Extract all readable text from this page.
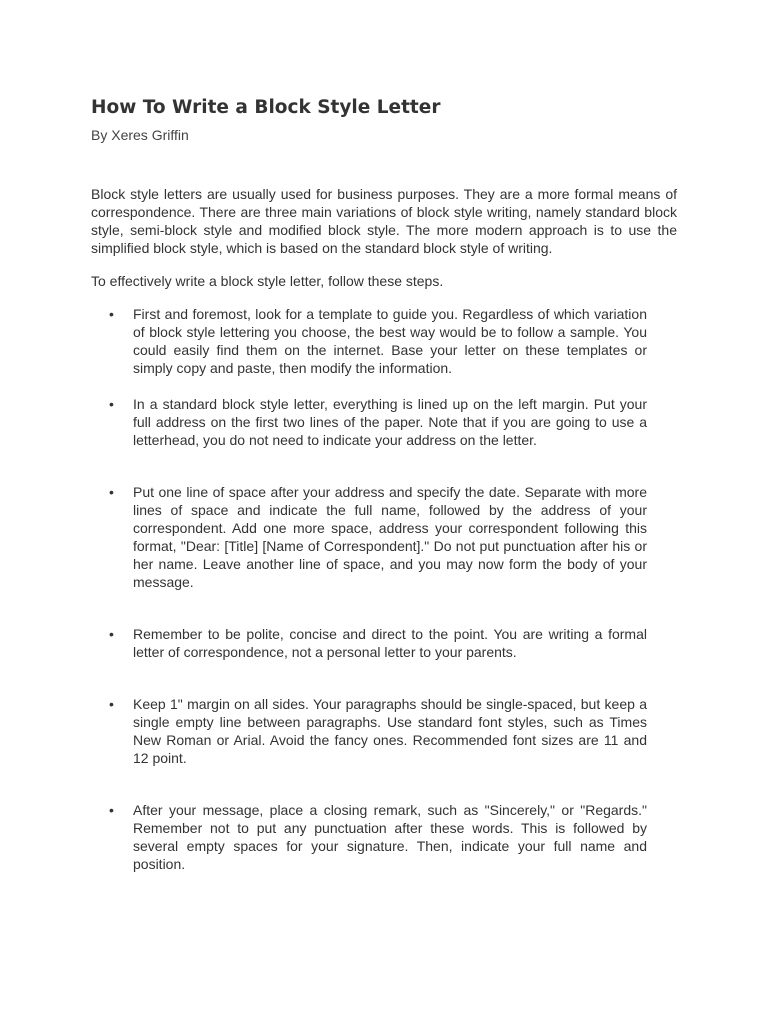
How To Write a Block Style Letter
By Xeres Griffin

Block style letters are usually used for business purposes. They are a more formal means of correspondence. There are three main variations of block style writing, namely standard block style, semi-block style and modified block style. The more modern approach is to use the simplified block style, which is based on the standard block style of writing.

To effectively write a block style letter, follow these steps.

• First and foremost, look for a template to guide you. Regardless of which variation of block style lettering you choose, the best way would be to follow a sample. You could easily find them on the internet. Base your letter on these templates or simply copy and paste, then modify the information.
• In a standard block style letter, everything is lined up on the left margin. Put your full address on the first two lines of the paper. Note that if you are going to use a letterhead, you do not need to indicate your address on the letter.
• Put one line of space after your address and specify the date. Separate with more lines of space and indicate the full name, followed by the address of your correspondent. Add one more space, address your correspondent following this format, "Dear: [Title] [Name of Correspondent]." Do not put punctuation after his or her name. Leave another line of space, and you may now form the body of your message.
• Remember to be polite, concise and direct to the point. You are writing a formal letter of correspondence, not a personal letter to your parents.
• Keep 1" margin on all sides. Your paragraphs should be single-spaced, but keep a single empty line between paragraphs. Use standard font styles, such as Times New Roman or Arial. Avoid the fancy ones. Recommended font sizes are 11 and 12 point.
• After your message, place a closing remark, such as "Sincerely," or "Regards." Remember not to put any punctuation after these words. This is followed by several empty spaces for your signature. Then, indicate your full name and position.
